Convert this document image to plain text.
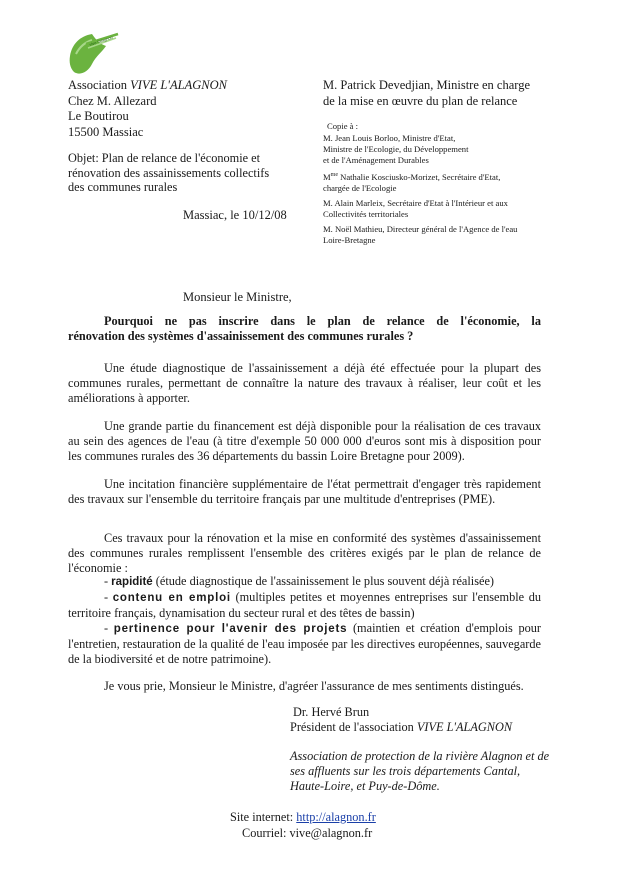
vive l'alagnon
Association VIVE L'ALAGNON
Chez M. Allezard
Le Boutirou
15500 Massiac
Objet: Plan de relance de l'économie et
rénovation des assainissements collectifs
des communes rurales
Massiac, le 10/12/08
M. Patrick Devedjian, Ministre en charge
de la mise en œuvre du plan de relance
Copie à :
M. Jean Louis Borloo, Ministre d'Etat,
Ministre de l'Ecologie, du Développement
et de l'Aménagement Durables
$M^{me}$ Nathalie Kosciusko-Morizet, Secrétaire d'Etat,
chargée de l'Ecologie
M. Alain Marleix, Secrétaire d'Etat à l'Intérieur et aux
Collectivités territoriales
M. Noël Mathieu, Directeur général de l'Agence de l'eau
Loire-Bretagne
Monsieur le Ministre,
Pourquoi ne pas inscrire dans le plan de relance de l'économie, la
rénovation des systèmes d'assainissement des communes rurales ?
Une étude diagnostique de l'assainissement a déjà été effectuée pour la plupart des communes rurales, permettant de connaître la nature des travaux à réaliser, leur coût et les améliorations à apporter.
Une grande partie du financement est déjà disponible pour la réalisation de ces travaux au sein des agences de l'eau (à titre d'exemple 50 000 000 d'euros sont mis à disposition pour les communes rurales des 36 départements du bassin Loire Bretagne pour 2009).
Une incitation financière supplémentaire de l'état permettrait d'engager très rapidement des travaux sur l'ensemble du territoire français par une multitude d'entreprises (PME).
Ces travaux pour la rénovation et la mise en conformité des systèmes d'assainissement des communes rurales remplissent l'ensemble des critères exigés par le plan de relance de l'économie :
- rapidité (étude diagnostique de l'assainissement le plus souvent déjà réalisée)
- contenu en emploi (multiples petites et moyennes entreprises sur l'ensemble du territoire français, dynamisation du secteur rural et des têtes de bassin)
- pertinence pour l'avenir des projets (maintien et création d'emplois pour l'entretien, restauration de la qualité de l'eau imposée par les directives européennes, sauvegarde de la biodiversité et de notre patrimoine).
Je vous prie, Monsieur le Ministre, d'agréer l'assurance de mes sentiments distingués.
Dr. Hervé Brun
Président de l'association VIVE L'ALAGNON
Association de protection de la rivière Alagnon et de ses affluents sur les trois départements Cantal, Haute-Loire, et Puy-de-Dôme.
Site internet: http://alagnon.fr
Courriel: vive@alagnon.fr
